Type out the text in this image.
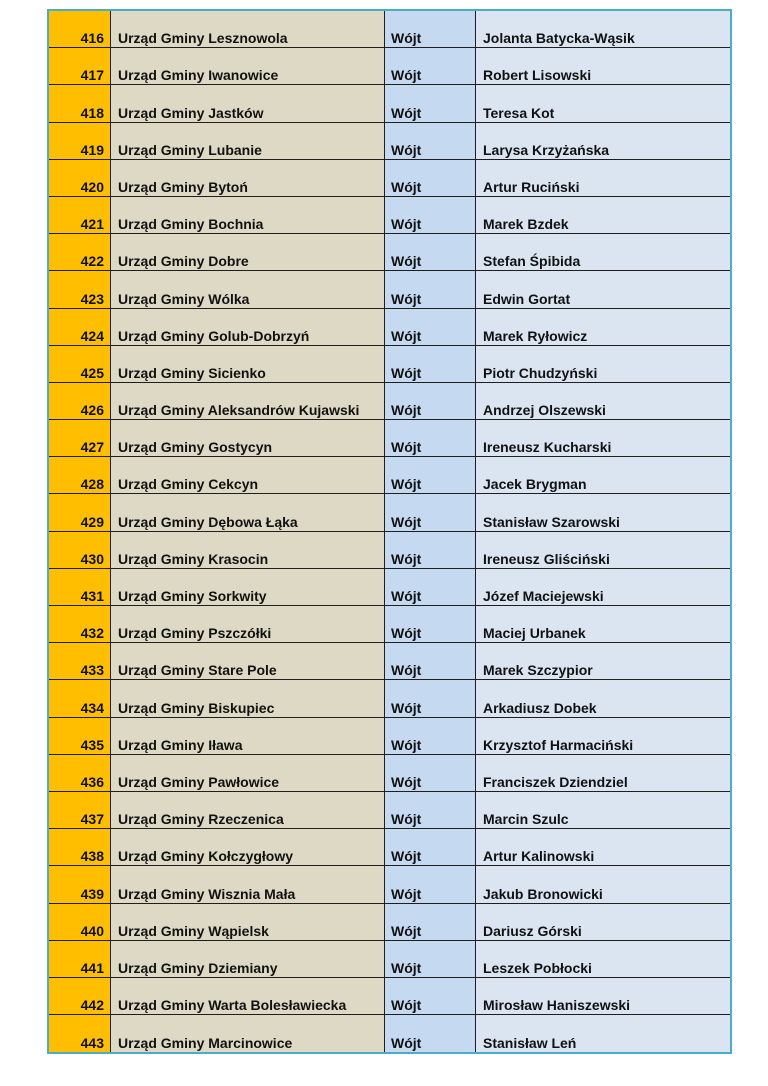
416	Urząd Gminy Lesznowola	Wójt	Jolanta Batycka-Wąsik
417	Urząd Gminy Iwanowice	Wójt	Robert Lisowski
418	Urząd Gminy Jastków	Wójt	Teresa Kot
419	Urząd Gminy Lubanie	Wójt	Larysa Krzyżańska
420	Urząd Gminy Bytoń	Wójt	Artur Ruciński
421	Urząd Gminy Bochnia	Wójt	Marek Bzdek
422	Urząd Gminy Dobre	Wójt	Stefan Śpibida
423	Urząd Gminy Wólka	Wójt	Edwin Gortat
424	Urząd Gminy Golub-Dobrzyń	Wójt	Marek Ryłowicz
425	Urząd Gminy Sicienko	Wójt	Piotr Chudzyński
426	Urząd Gminy Aleksandrów Kujawski	Wójt	Andrzej Olszewski
427	Urząd Gminy Gostycyn	Wójt	Ireneusz Kucharski
428	Urząd Gminy Cekcyn	Wójt	Jacek Brygman
429	Urząd Gminy Dębowa Łąka	Wójt	Stanisław Szarowski
430	Urząd Gminy Krasocin	Wójt	Ireneusz Gliściński
431	Urząd Gminy Sorkwity	Wójt	Józef Maciejewski
432	Urząd Gminy Pszczółki	Wójt	Maciej Urbanek
433	Urząd Gminy Stare Pole	Wójt	Marek Szczypior
434	Urząd Gminy Biskupiec	Wójt	Arkadiusz Dobek
435	Urząd Gminy Iława	Wójt	Krzysztof Harmaciński
436	Urząd Gminy Pawłowice	Wójt	Franciszek Dziendziel
437	Urząd Gminy Rzeczenica	Wójt	Marcin Szulc
438	Urząd Gminy Kołczygłowy	Wójt	Artur Kalinowski
439	Urząd Gminy Wisznia Mała	Wójt	Jakub Bronowicki
440	Urząd Gminy Wąpielsk	Wójt	Dariusz Górski
441	Urząd Gminy Dziemiany	Wójt	Leszek Pobłocki
442	Urząd Gminy Warta Bolesławiecka	Wójt	Mirosław Haniszewski
443	Urząd Gminy Marcinowice	Wójt	Stanisław Leń
